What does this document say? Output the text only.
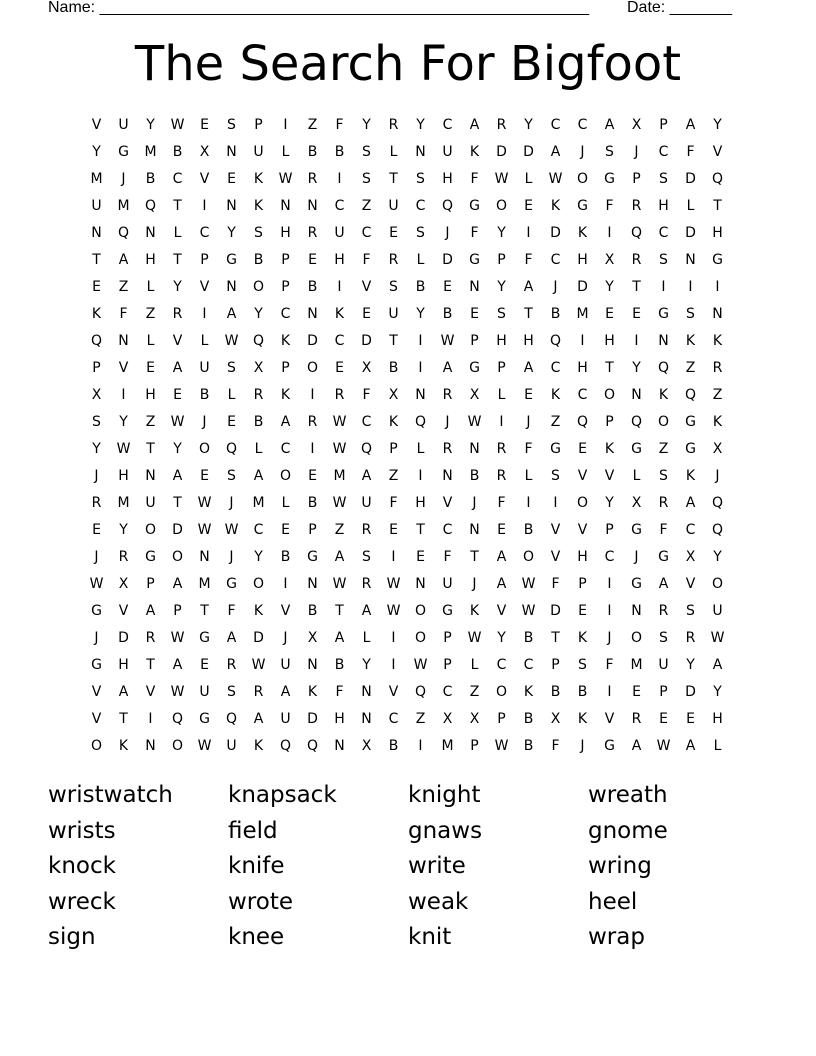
Name: _______________________________________________________ Date: _______
The Search For Bigfoot
V	U	Y	W	E	S	P	I	Z	F	Y	R	Y	C	A	R	Y	C	C	A	X	P	A	Y
Y	G	M	B	X	N	U	L	B	B	S	L	N	U	K	D	D	A	J	S	J	C	F	V
M	J	B	C	V	E	K	W	R	I	S	T	S	H	F	W	L	W	O	G	P	S	D	Q
U	M	Q	T	I	N	K	N	N	C	Z	U	C	Q	G	O	E	K	G	F	R	H	L	T
N	Q	N	L	C	Y	S	H	R	U	C	E	S	J	F	Y	I	D	K	I	Q	C	D	H
T	A	H	T	P	G	B	P	E	H	F	R	L	D	G	P	F	C	H	X	R	S	N	G
E	Z	L	Y	V	N	O	P	B	I	V	S	B	E	N	Y	A	J	D	Y	T	I	I	I
K	F	Z	R	I	A	Y	C	N	K	E	U	Y	B	E	S	T	B	M	E	E	G	S	N
Q	N	L	V	L	W	Q	K	D	C	D	T	I	W	P	H	H	Q	I	H	I	N	K	K
P	V	E	A	U	S	X	P	O	E	X	B	I	A	G	P	A	C	H	T	Y	Q	Z	R
X	I	H	E	B	L	R	K	I	R	F	X	N	R	X	L	E	K	C	O	N	K	Q	Z
S	Y	Z	W	J	E	B	A	R	W	C	K	Q	J	W	I	J	Z	Q	P	Q	O	G	K
Y	W	T	Y	O	Q	L	C	I	W	Q	P	L	R	N	R	F	G	E	K	G	Z	G	X
J	H	N	A	E	S	A	O	E	M	A	Z	I	N	B	R	L	S	V	V	L	S	K	J
R	M	U	T	W	J	M	L	B	W	U	F	H	V	J	F	I	I	O	Y	X	R	A	Q
E	Y	O	D	W W	C	E	P	Z	R	E	T	C	N	E	B	V	V	P	G	F	C	Q
J	R	G	O	N	J	Y	B	G	A	S	I	E	F	T	A	O	V	H	C	J	G	X	Y
W	X	P	A	M	G	O	I	N	W	R	W	N	U	J	A	W	F	P	I	G	A	V	O
G	V	A	P	T	F	K	V	B	T	A	W	O	G	K	V	W	D	E	I	N	R	S	U
J	D	R	W	G	A	D	J	X	A	L	I	O	P	W	Y	B	T	K	J	O	S	R	W
G	H	T	A	E	R	W	U	N	B	Y	I	W	P	L	C	C	P	S	F	M	U	Y	A
V	A	V	W	U	S	R	A	K	F	N	V	Q	C	Z	O	K	B	B	I	E	P	D	Y
V	T	I	Q	G	Q	A	U	D	H	N	C	Z	X	X	P	B	X	K	V	R	E	E	H
O	K	N	O	W	U	K	Q	Q	N	X	B	I	M	P	W	B	F	J	G	A	W	A	L
wristwatch	knapsack	knight	wreath
wrists	field	gnaws	gnome
knock	knife	write	wring
wreck	wrote	weak	heel
sign	knee	knit	wrap
